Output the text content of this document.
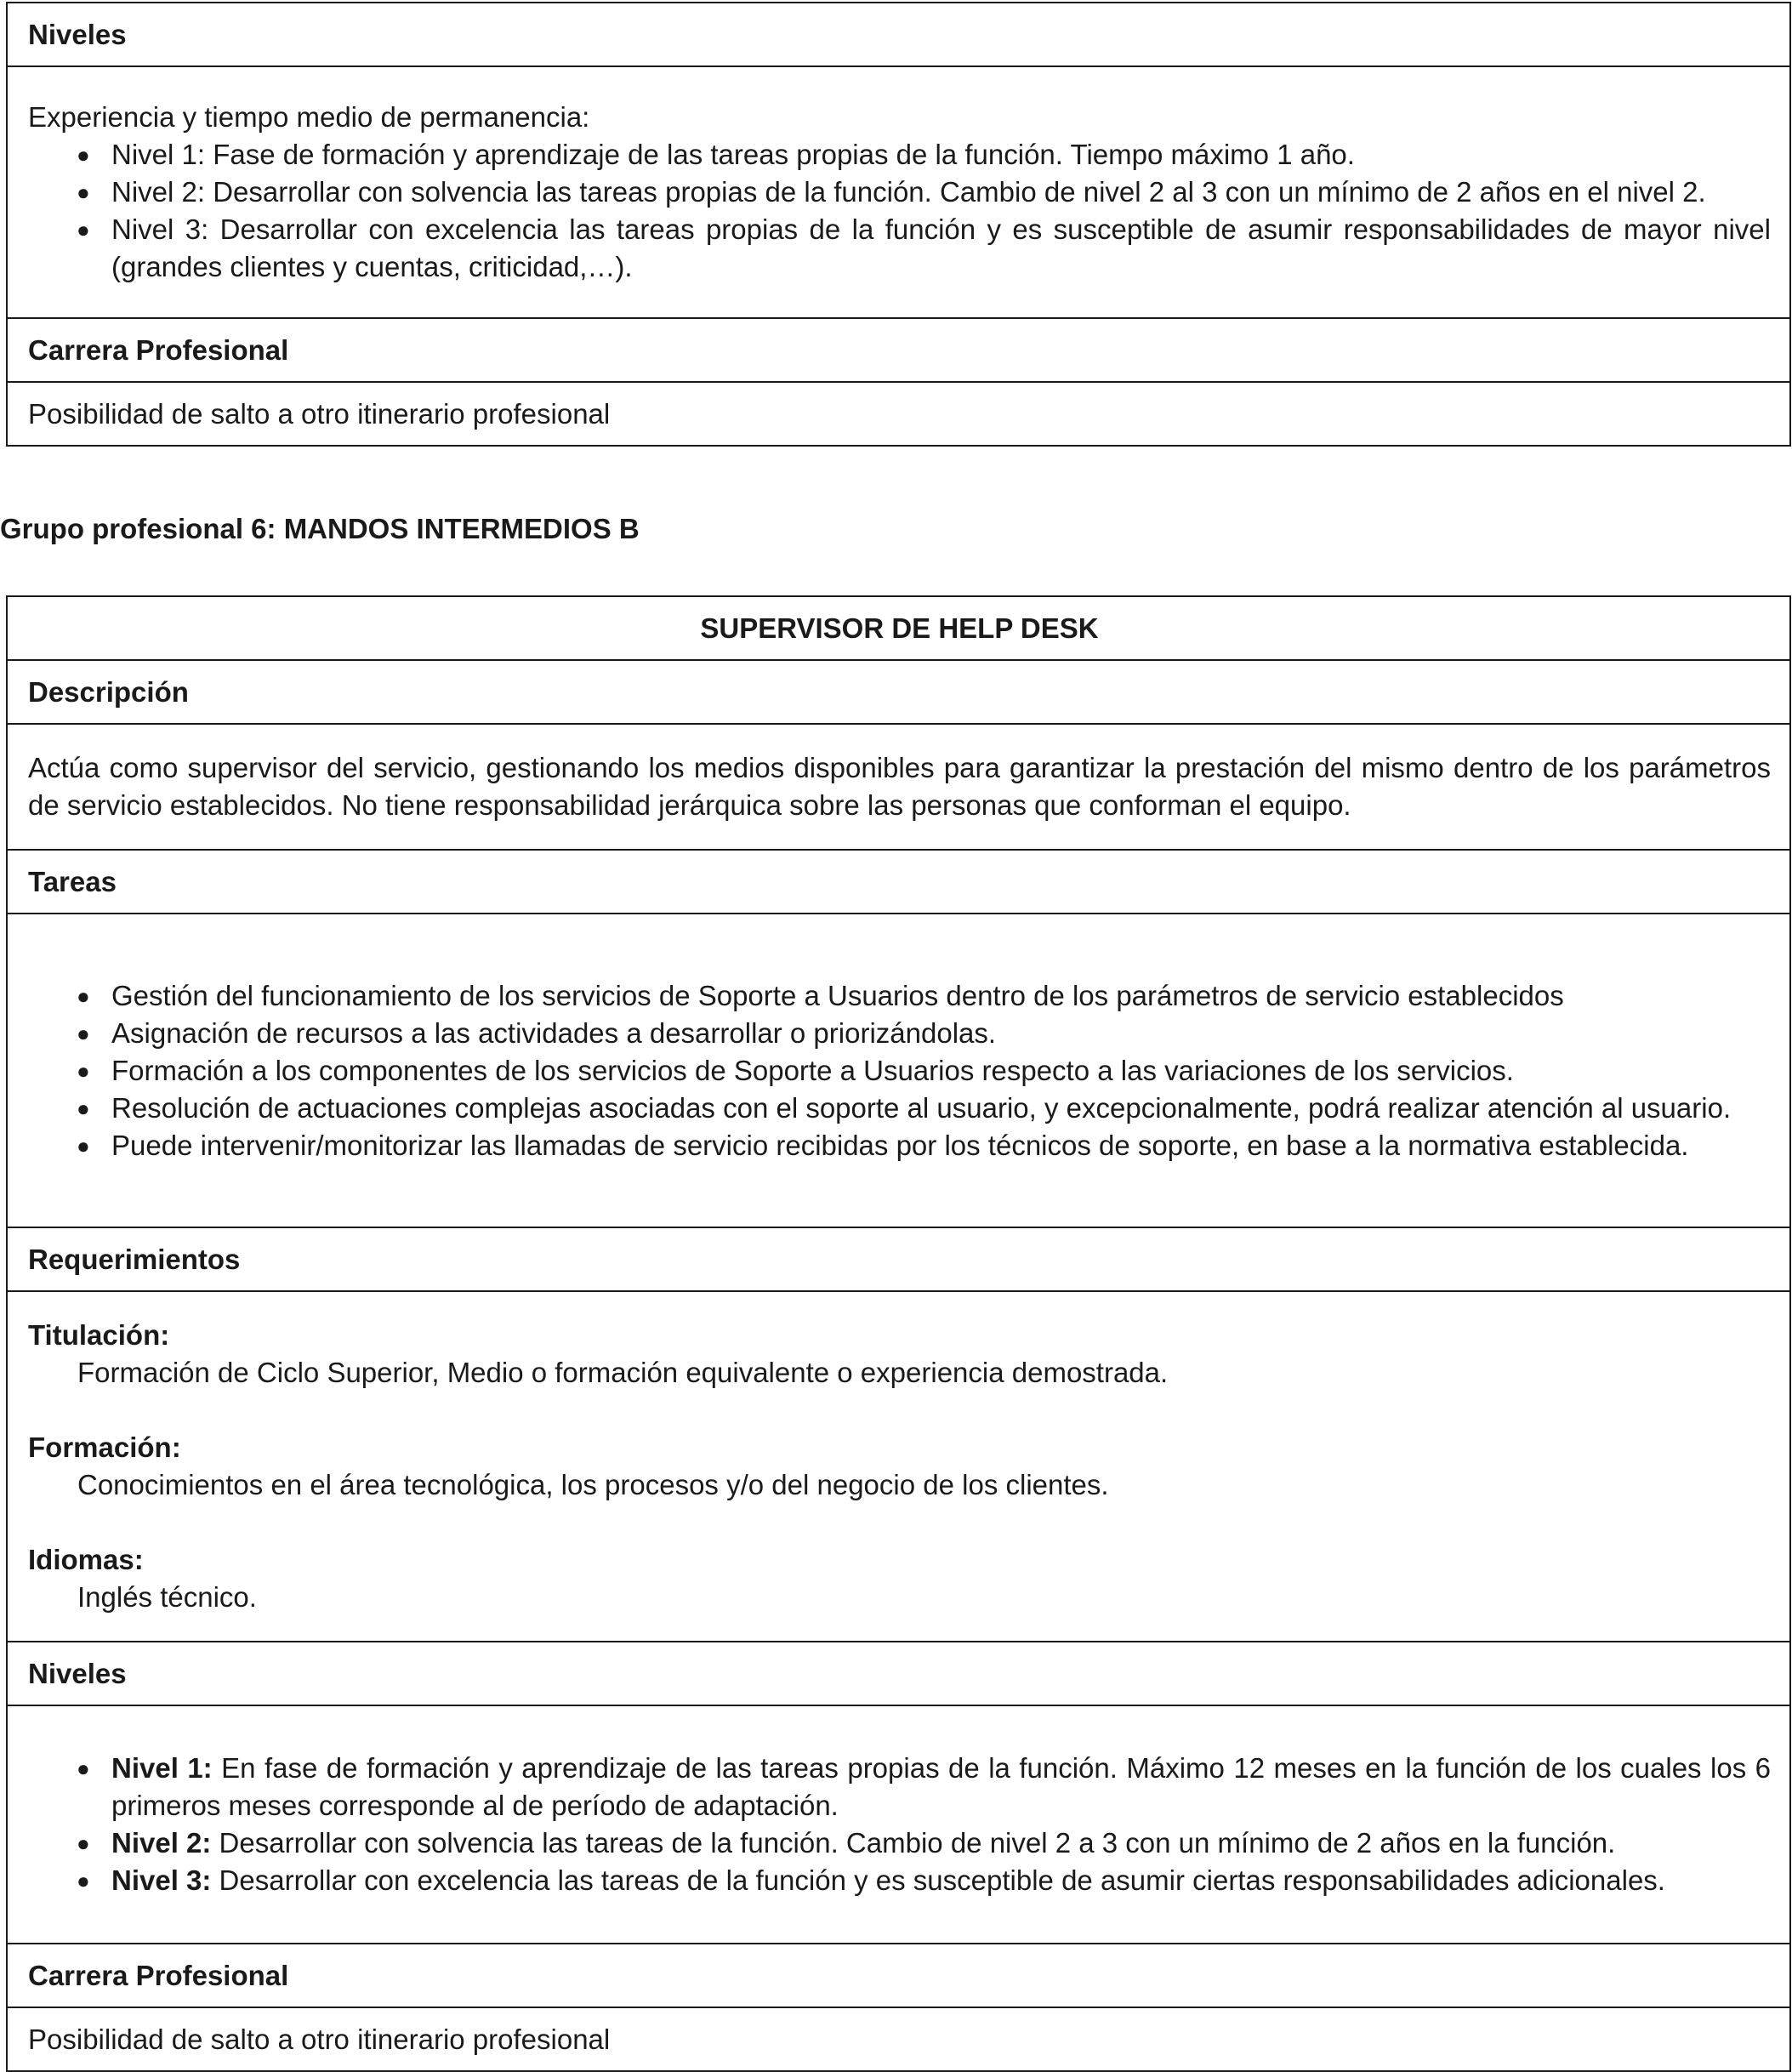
Niveles

Experiencia y tiempo medio de permanencia:
● Nivel 1: Fase de formación y aprendizaje de las tareas propias de la función. Tiempo máximo 1 año.
● Nivel 2: Desarrollar con solvencia las tareas propias de la función. Cambio de nivel 2 al 3 con un mínimo de 2 años en el nivel 2.
● Nivel 3: Desarrollar con excelencia las tareas propias de la función y es susceptible de asumir responsabilidades de mayor nivel (grandes clientes y cuentas, criticidad,…).

Carrera Profesional
Posibilidad de salto a otro itinerario profesional
Grupo profesional 6: MANDOS INTERMEDIOS B
SUPERVISOR DE HELP DESK
Descripción
Actúa como supervisor del servicio, gestionando los medios disponibles para garantizar la prestación del mismo dentro de los parámetros de servicio establecidos. No tiene responsabilidad jerárquica sobre las personas que conforman el equipo.
Tareas

● Gestión del funcionamiento de los servicios de Soporte a Usuarios dentro de los parámetros de servicio establecidos
● Asignación de recursos a las actividades a desarrollar o priorizándolas.
● Formación a los componentes de los servicios de Soporte a Usuarios respecto a las variaciones de los servicios.
● Resolución de actuaciones complejas asociadas con el soporte al usuario, y excepcionalmente, podrá realizar atención al usuario.
● Puede intervenir/monitorizar las llamadas de servicio recibidas por los técnicos de soporte, en base a la normativa establecida.

Requerimientos

Titulación:
Formación de Ciclo Superior, Medio o formación equivalente o experiencia demostrada.
Formación:
Conocimientos en el área tecnológica, los procesos y/o del negocio de los clientes.
Idiomas:
Inglés técnico.

Niveles

● Nivel 1: En fase de formación y aprendizaje de las tareas propias de la función. Máximo 12 meses en la función de los cuales los 6 primeros meses corresponde al de período de adaptación.
● Nivel 2: Desarrollar con solvencia las tareas de la función. Cambio de nivel 2 a 3 con un mínimo de 2 años en la función.
● Nivel 3: Desarrollar con excelencia las tareas de la función y es susceptible de asumir ciertas responsabilidades adicionales.

Carrera Profesional
Posibilidad de salto a otro itinerario profesional
